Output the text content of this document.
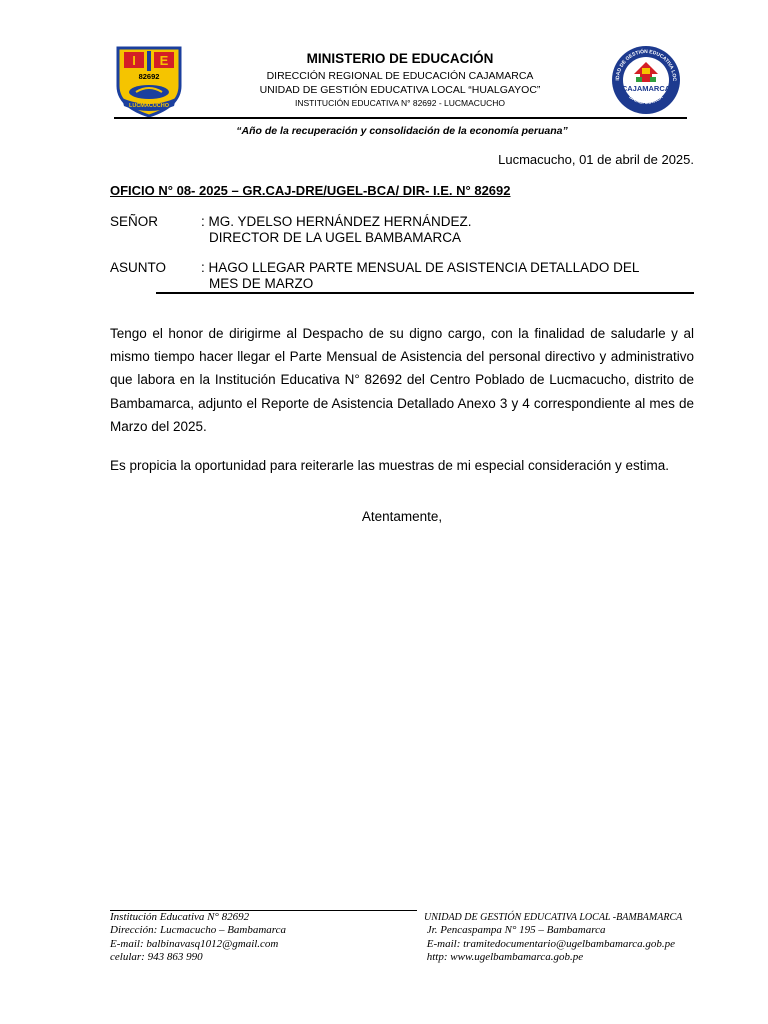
I E
82692
LUCMACUCHO
MINISTERIO DE EDUCACIÓN
DIRECCIÓN REGIONAL DE EDUCACIÓN CAJAMARCA
UNIDAD DE GESTIÓN EDUCATIVA LOCAL “HUALGAYOC”
INSTITUCIÓN EDUCATIVA N° 82692 - LUCMACUCHO
CAJAMARCA
IDAD DE GESTIÓN EDUCATIVA LOC
BAMBAMARCA
“Año de la recuperación y consolidación de la economía peruana”
Lucmacucho, 01 de abril de 2025.
OFICIO N° 08- 2025 – GR.CAJ-DRE/UGEL-BCA/ DIR- I.E. N° 82692
SEÑOR	: MG. YDELSO HERNÁNDEZ HERNÁNDEZ.
DIRECTOR DE LA UGEL BAMBAMARCA
ASUNTO	: HAGO LLEGAR PARTE MENSUAL DE ASISTENCIA DETALLADO DEL
MES DE MARZO
Tengo el honor de dirigirme al Despacho de su digno cargo, con la finalidad de saludarle y al mismo tiempo hacer llegar el Parte Mensual de Asistencia del personal directivo y administrativo que labora en la Institución Educativa N° 82692 del Centro Poblado de Lucmacucho, distrito de Bambamarca, adjunto el Reporte de Asistencia Detallado Anexo 3 y 4 correspondiente al mes de Marzo del 2025.
Es propicia la oportunidad para reiterarle las muestras de mi especial consideración y estima.
Atentamente,
Institución Educativa N° 82692
Dirección: Lucmacucho – Bambamarca
E-mail: balbinavasq1012@gmail.com
celular: 943 863 990
UNIDAD DE GESTIÓN EDUCATIVA LOCAL -BAMBAMARCA
Jr. Pencaspampa N° 195 – Bambamarca
E-mail: tramitedocumentario@ugelbambamarca.gob.pe
http: www.ugelbambamarca.gob.pe
